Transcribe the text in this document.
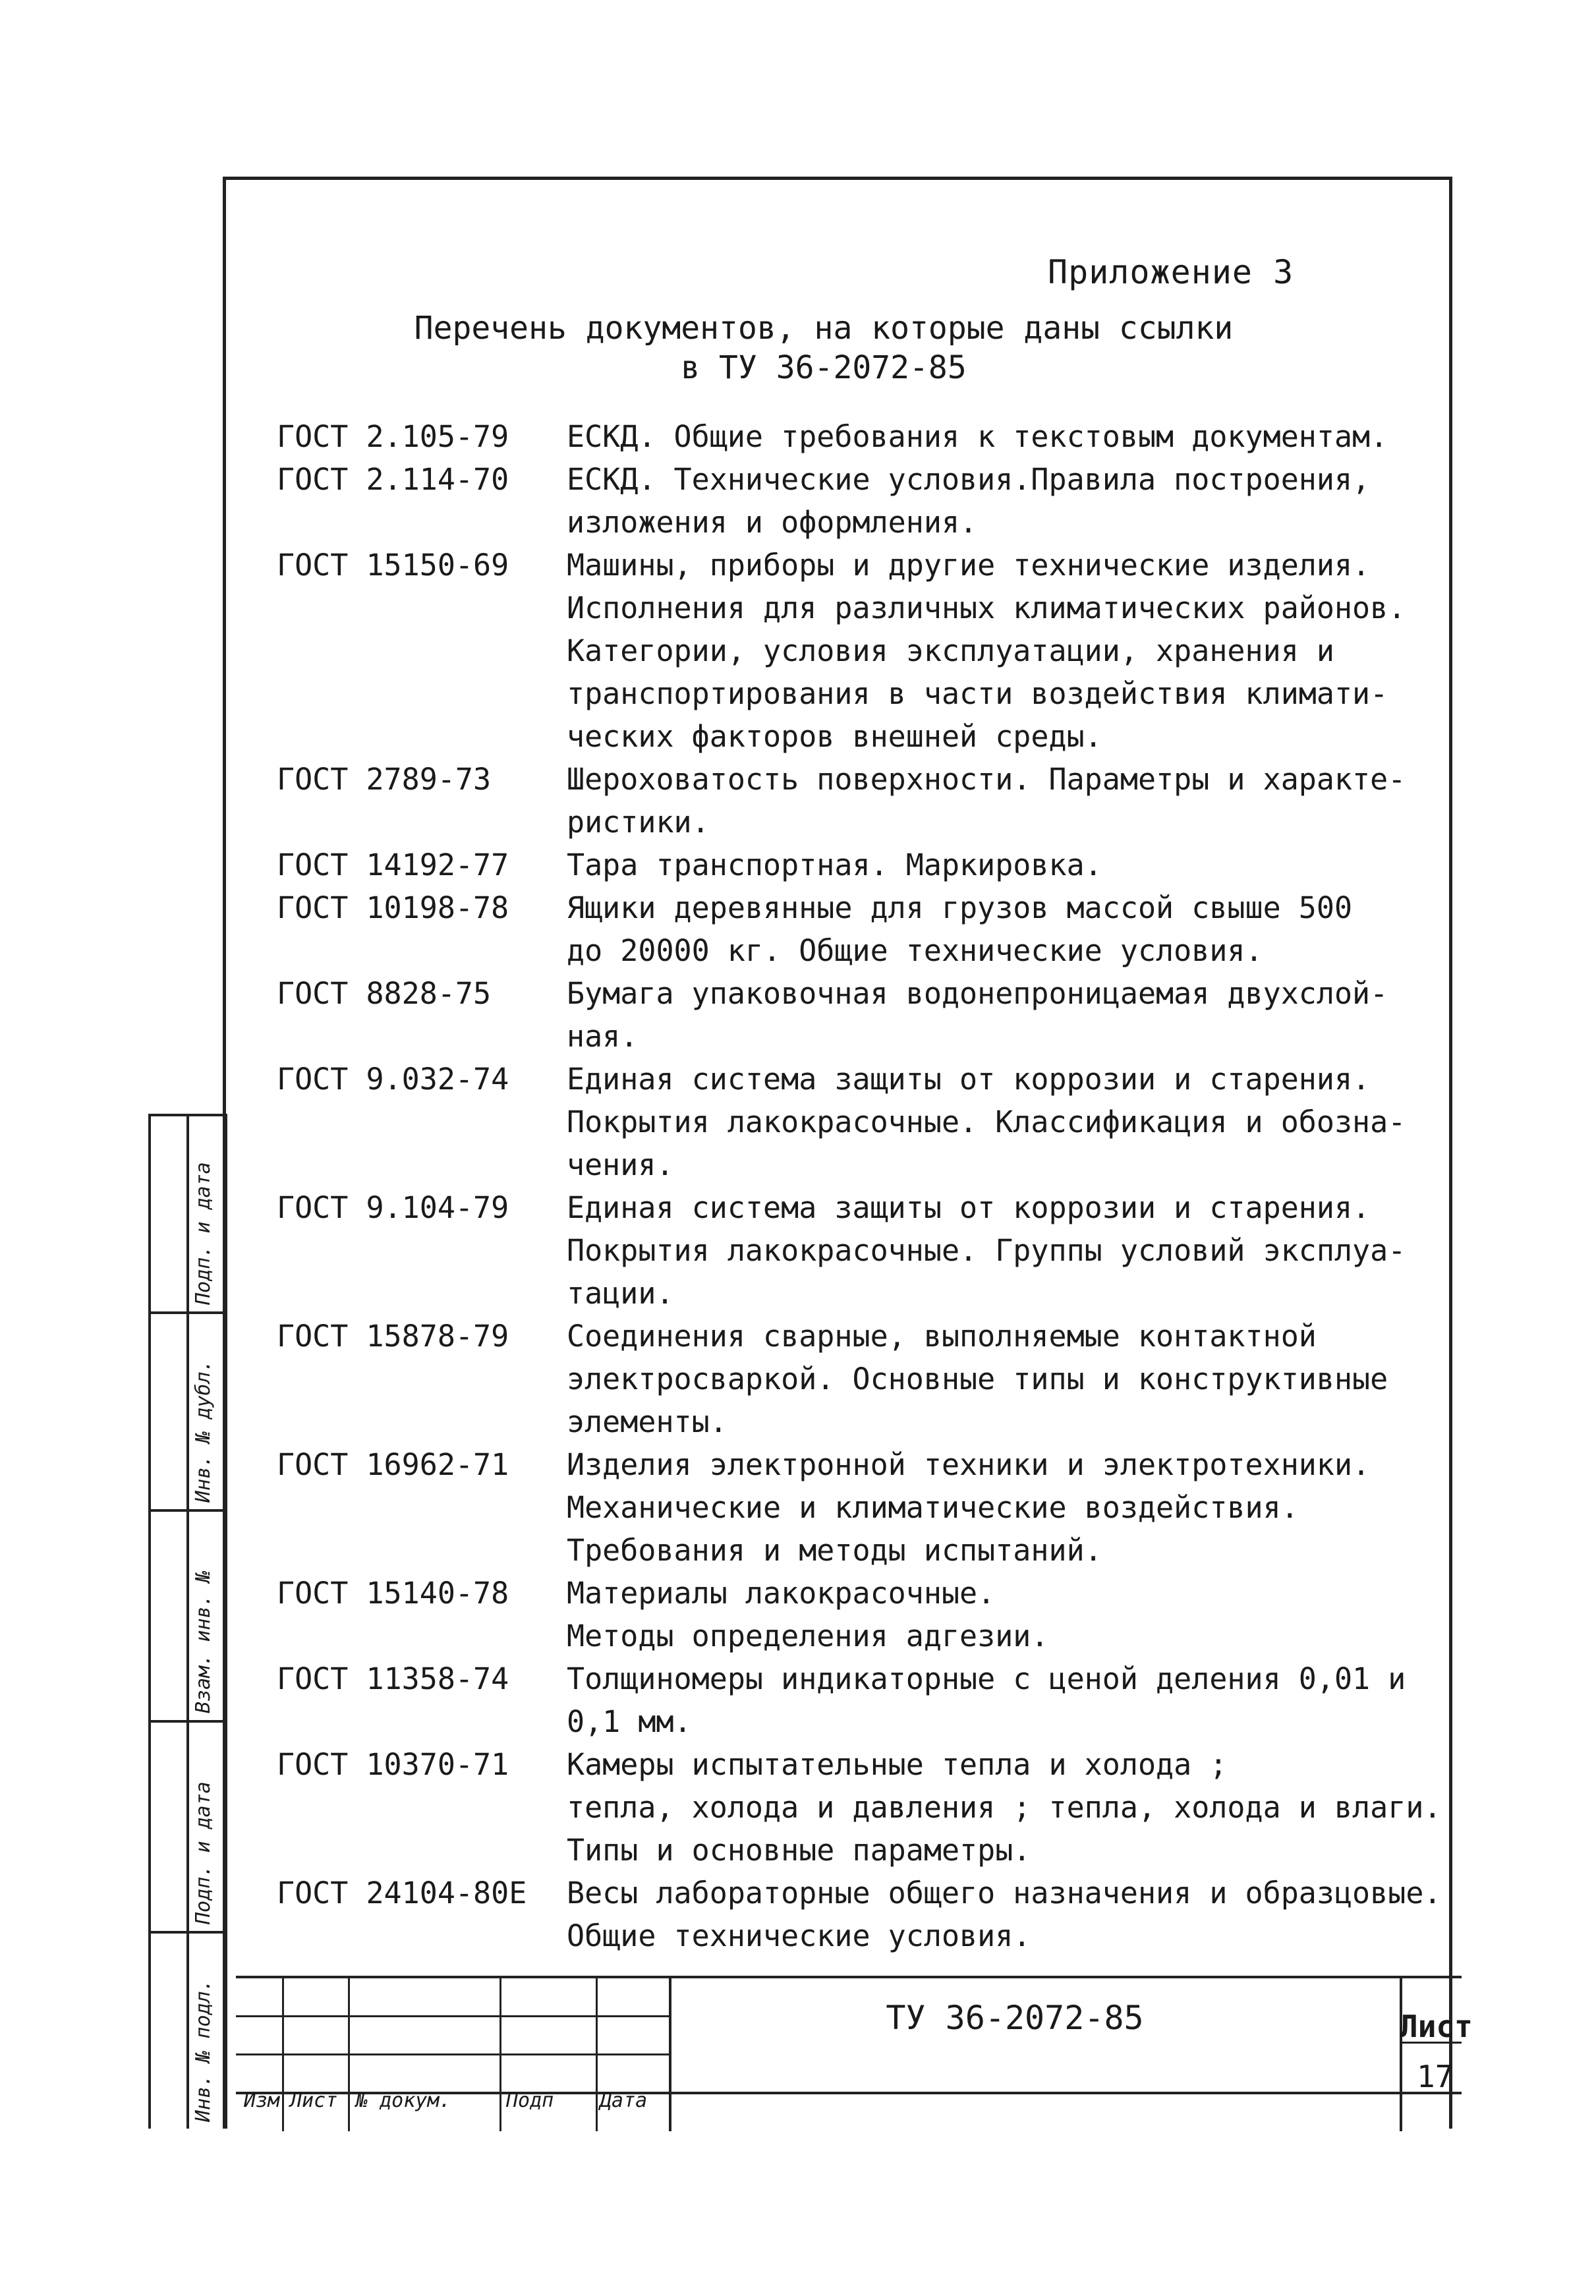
Приложение 3
Перечень документов, на которые даны ссылки
в ТУ 36-2072-85
ГОСТ 2.105-79	ЕСКД. Общие требования к текстовым документам.
ГОСТ 2.114-70	ЕСКД. Технические условия.Правила построения,
изложения и оформления.
ГОСТ 15150-69	Машины, приборы и другие технические изделия.
Исполнения для различных климатических районов.
Категории, условия эксплуатации, хранения и
транспортирования в части воздействия климати-
ческих факторов внешней среды.
ГОСТ 2789-73	Шероховатость поверхности. Параметры и характе-
ристики.
ГОСТ 14192-77	Тара транспортная. Маркировка.
ГОСТ 10198-78	Ящики деревянные для грузов массой свыше 500
до 20000 кг. Общие технические условия.
ГОСТ 8828-75	Бумага упаковочная водонепроницаемая двухслой-
ная.
ГОСТ 9.032-74	Единая система защиты от коррозии и старения.
Покрытия лакокрасочные. Классификация и обозна-
чения.
ГОСТ 9.104-79	Единая система защиты от коррозии и старения.
Покрытия лакокрасочные. Группы условий эксплуа-
тации.
ГОСТ 15878-79	Соединения сварные, выполняемые контактной
электросваркой. Основные типы и конструктивные
элементы.
ГОСТ 16962-71	Изделия электронной техники и электротехники.
Механические и климатические воздействия.
Требования и методы испытаний.
ГОСТ 15140-78	Материалы лакокрасочные.
Методы определения адгезии.
ГОСТ 11358-74	Толщиномеры индикаторные с ценой деления 0,01 и
0,1 мм.
ГОСТ 10370-71	Камеры испытательные тепла и холода ;
тепла, холода и давления ; тепла, холода и влаги.
Типы и основные параметры.
ГОСТ 24104-80Е	Весы лабораторные общего назначения и образцовые.
Общие технические условия.
ТУ 36-2072-85	Лист
17
Изм Лист № докум.	Подп Дата
Инв. № подл.
Подп. и дата
Взам. инв. №
Инв. № дубл.
Подп. и дата
